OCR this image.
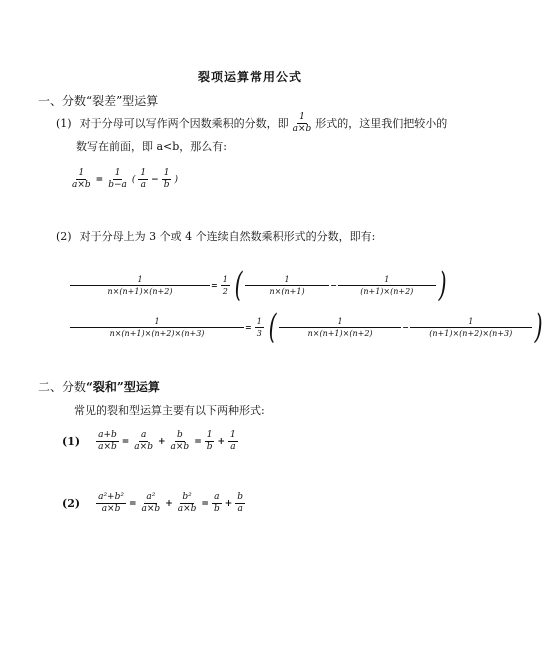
裂项运算常用公式
一、分数“裂差”型运算
(1) 对于分母可以写作两个因数乘积的分数，即 $\frac{1}{a\times b}$ 形式的，这里我们把较小的
数写在前面，即 a<b，那么有:
$\frac{1}{a\times b} = \frac{1}{b-a}$ ( $\frac{1}{a} - \frac{1}{b}$ )
(2) 对于分母上为 3 个或 4 个连续自然数乘积形式的分数，即有:
$\frac{1}{n\times(n+1)\times(n+2)} = \frac{1}{2}$ ( $\frac{1}{n\times(n+1)} - \frac{1}{(n+1)\times(n+2)}$ )
$\frac{1}{n\times(n+1)\times(n+2)\times(n+3)} = \frac{1}{3}$ ( $\frac{1}{n\times(n+1)\times(n+2)} - \frac{1}{(n+1)\times(n+2)\times(n+3)}$ )
二、分数 “裂和”型运算
常见的裂和型运算主要有以下两种形式:
$(1) \frac{a+b}{a\times b} = \frac{a}{a\times b} + \frac{b}{a\times b} = \frac{1}{b} + \frac{1}{a}$
$(2) \frac{\text{a²+b²}}{a\times b} = \frac{\text{a²}}{a\times b} + \frac{\text{b²}}{a\times b} = \frac{a}{b} + \frac{b}{a}$
